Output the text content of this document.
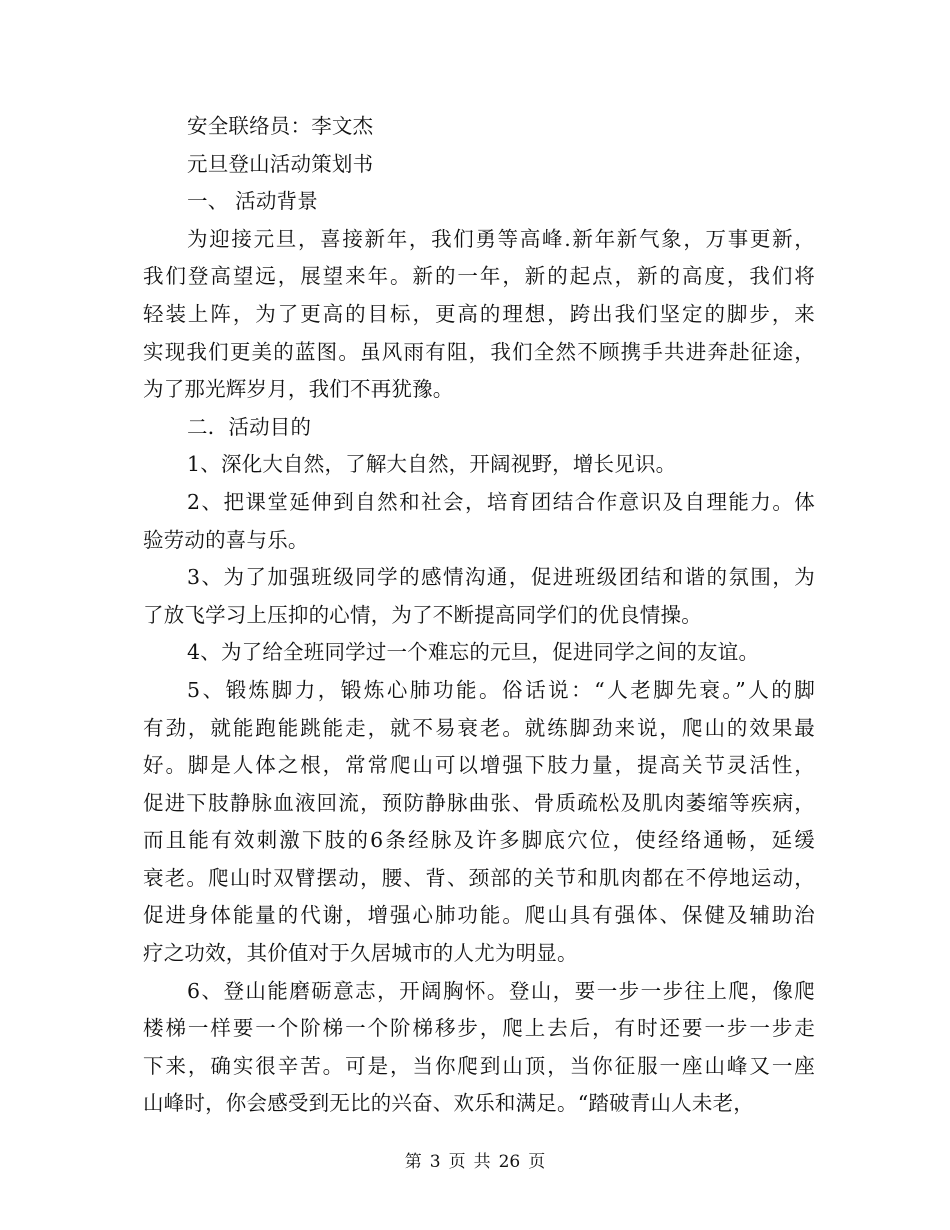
安全联络员：李文杰
元旦登山活动策划书
一、 活动背景
为迎接元旦，喜接新年，我们勇等高峰.新年新气象，万事更新，
我们登高望远，展望来年。新的一年，新的起点，新的高度，我们将
轻装上阵，为了更高的目标，更高的理想，跨出我们坚定的脚步，来
实现我们更美的蓝图。虽风雨有阻，我们全然不顾携手共进奔赴征途，
为了那光辉岁月，我们不再犹豫。
二．活动目的
1、深化大自然，了解大自然，开阔视野，增长见识。
2、把课堂延伸到自然和社会，培育团结合作意识及自理能力。体
验劳动的喜与乐。
3、为了加强班级同学的感情沟通，促进班级团结和谐的氛围，为
了放飞学习上压抑的心情，为了不断提高同学们的优良情操。
4、为了给全班同学过一个难忘的元旦，促进同学之间的友谊。
5、锻炼脚力，锻炼心肺功能。俗话说：“人老脚先衰。”人的脚
有劲，就能跑能跳能走，就不易衰老。就练脚劲来说，爬山的效果最
好。脚是人体之根，常常爬山可以增强下肢力量，提高关节灵活性，
促进下肢静脉血液回流，预防静脉曲张、骨质疏松及肌肉萎缩等疾病，
而且能有效刺激下肢的6条经脉及许多脚底穴位，使经络通畅，延缓
衰老。爬山时双臂摆动，腰、背、颈部的关节和肌肉都在不停地运动，
促进身体能量的代谢，增强心肺功能。爬山具有强体、保健及辅助治
疗之功效，其价值对于久居城市的人尤为明显。
6、登山能磨砺意志，开阔胸怀。登山，要一步一步往上爬，像爬
楼梯一样要一个阶梯一个阶梯移步，爬上去后，有时还要一步一步走
下来，确实很辛苦。可是，当你爬到山顶，当你征服一座山峰又一座
山峰时，你会感受到无比的兴奋、欢乐和满足。“踏破青山人未老，
第 3 页 共 26 页
